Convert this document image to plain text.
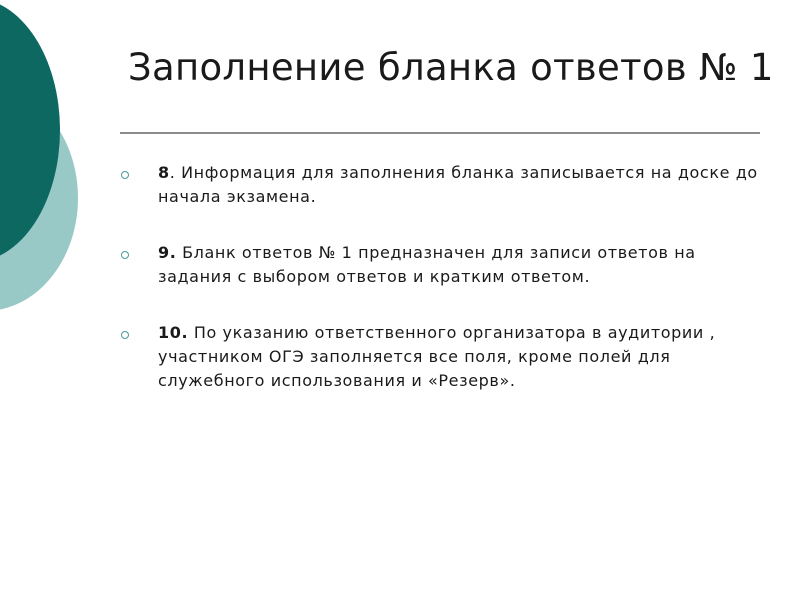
Заполнение бланка ответов № 1
8. Информация для заполнения бланка записывается на доске до начала экзамена.
9. Бланк ответов № 1 предназначен для записи ответов на задания с выбором ответов и кратким ответом.
10. По указанию ответственного организатора в аудитории , участником ОГЭ заполняется все поля, кроме полей для служебного использования и «Резерв».
